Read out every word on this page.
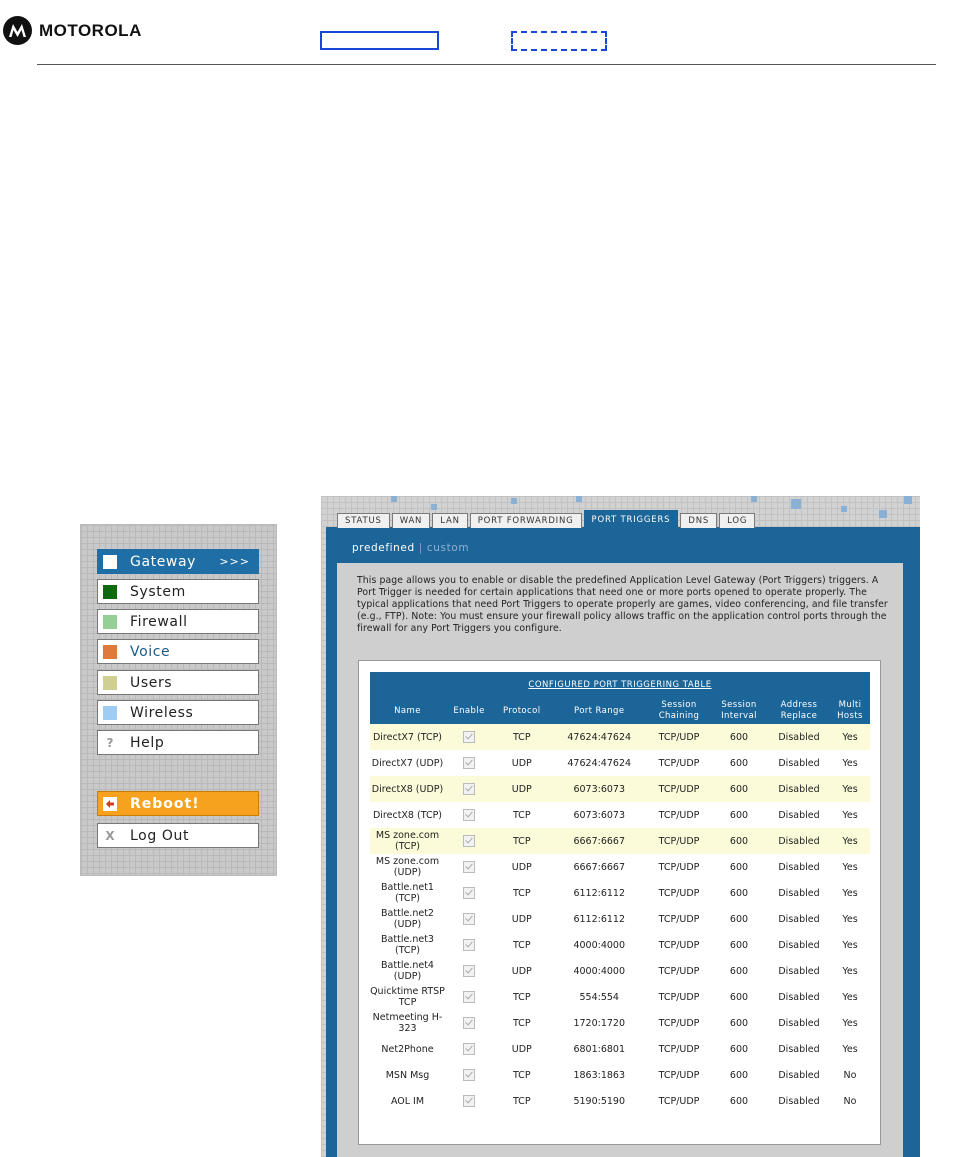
MOTOROLA
Gateway >>>
System
Firewall
Voice
Users
Wireless
? Help
Reboot!
X Log Out
STATUS	WAN	LAN	PORT FORWARDING	PORT TRIGGERS	DNS	LOG
predefined | custom
This page allows you to enable or disable the predefined Application Level Gateway (Port Triggers) triggers. A Port Trigger is needed for certain applications that need one or more ports opened to operate properly. The typical applications that need Port Triggers to operate properly are games, video conferencing, and file transfer (e.g., FTP). Note: You must ensure your firewall policy allows traffic on the application control ports through the firewall for any Port Triggers you configure.
CONFIGURED PORT TRIGGERING TABLE
Name	Enable	Protocol	Port Range	Session Chaining	Session Interval	Address Replace	Multi Hosts
DirectX7 (TCP)		TCP	47624:47624	TCP/UDP	600	Disabled	Yes
DirectX7 (UDP)		UDP	47624:47624	TCP/UDP	600	Disabled	Yes
DirectX8 (UDP)		UDP	6073:6073	TCP/UDP	600	Disabled	Yes
DirectX8 (TCP)		TCP	6073:6073	TCP/UDP	600	Disabled	Yes
MS zone.com (TCP)		TCP	6667:6667	TCP/UDP	600	Disabled	Yes
MS zone.com (UDP)		UDP	6667:6667	TCP/UDP	600	Disabled	Yes
Battle.net1 (TCP)		TCP	6112:6112	TCP/UDP	600	Disabled	Yes
Battle.net2 (UDP)		UDP	6112:6112	TCP/UDP	600	Disabled	Yes
Battle.net3 (TCP)		TCP	4000:4000	TCP/UDP	600	Disabled	Yes
Battle.net4 (UDP)		UDP	4000:4000	TCP/UDP	600	Disabled	Yes
Quicktime RTSP TCP		TCP	554:554	TCP/UDP	600	Disabled	Yes
Netmeeting H-323		TCP	1720:1720	TCP/UDP	600	Disabled	Yes
Net2Phone		UDP	6801:6801	TCP/UDP	600	Disabled	Yes
MSN Msg		TCP	1863:1863	TCP/UDP	600	Disabled	No
AOL IM		TCP	5190:5190	TCP/UDP	600	Disabled	No
